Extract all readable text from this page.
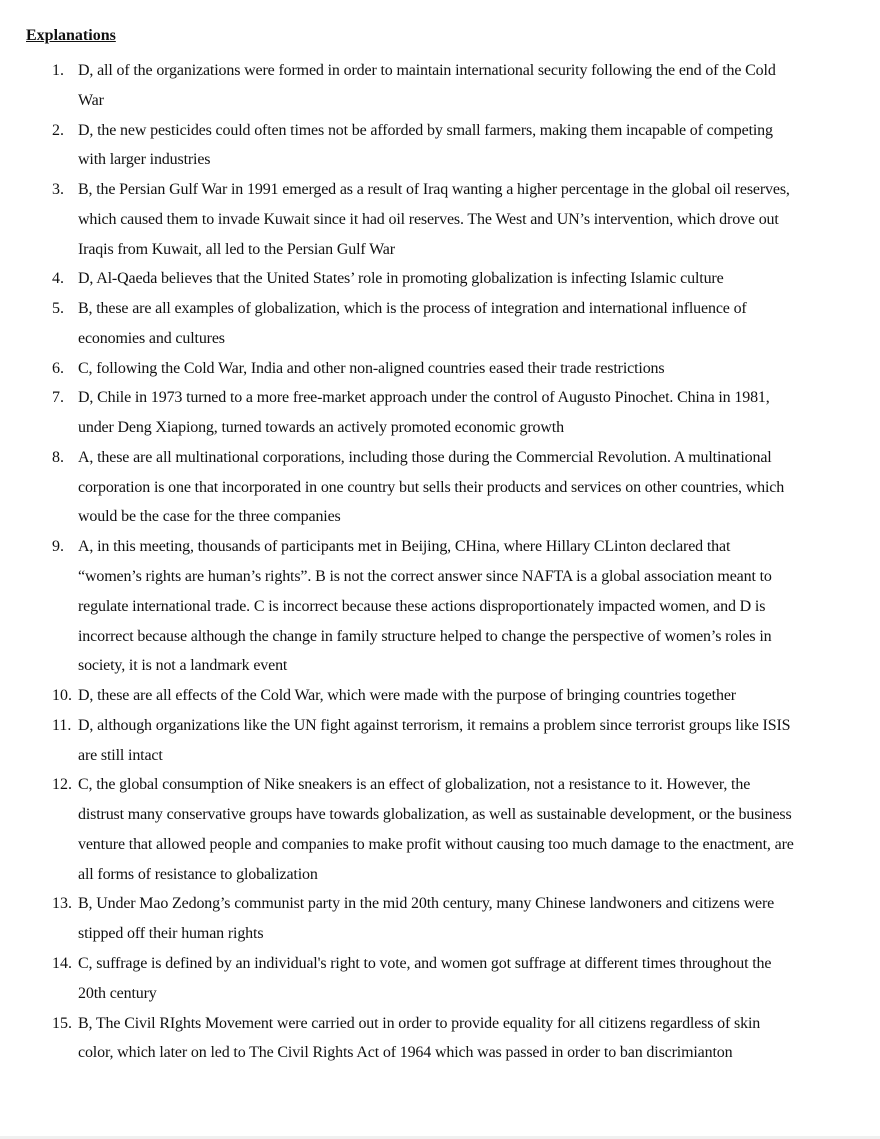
Explanations
1. D, all of the organizations were formed in order to maintain international security following the end of the Cold
War
2. D, the new pesticides could often times not be afforded by small farmers, making them incapable of competing
with larger industries
3. B, the Persian Gulf War in 1991 emerged as a result of Iraq wanting a higher percentage in the global oil reserves,
which caused them to invade Kuwait since it had oil reserves. The West and UN’s intervention, which drove out
Iraqis from Kuwait, all led to the Persian Gulf War
4. D, Al-Qaeda believes that the United States’ role in promoting globalization is infecting Islamic culture
5. B, these are all examples of globalization, which is the process of integration and international influence of
economies and cultures
6. C, following the Cold War, India and other non-aligned countries eased their trade restrictions
7. D, Chile in 1973 turned to a more free-market approach under the control of Augusto Pinochet. China in 1981,
under Deng Xiapiong, turned towards an actively promoted economic growth
8. A, these are all multinational corporations, including those during the Commercial Revolution. A multinational
corporation is one that incorporated in one country but sells their products and services on other countries, which
would be the case for the three companies
9. A, in this meeting, thousands of participants met in Beijing, CHina, where Hillary CLinton declared that
“women’s rights are human’s rights”. B is not the correct answer since NAFTA is a global association meant to
regulate international trade. C is incorrect because these actions disproportionately impacted women, and D is
incorrect because although the change in family structure helped to change the perspective of women’s roles in
society, it is not a landmark event
10. D, these are all effects of the Cold War, which were made with the purpose of bringing countries together
11. D, although organizations like the UN fight against terrorism, it remains a problem since terrorist groups like ISIS
are still intact
12. C, the global consumption of Nike sneakers is an effect of globalization, not a resistance to it. However, the
distrust many conservative groups have towards globalization, as well as sustainable development, or the business
venture that allowed people and companies to make profit without causing too much damage to the enactment, are
all forms of resistance to globalization
13. B, Under Mao Zedong’s communist party in the mid 20th century, many Chinese landwoners and citizens were
stipped off their human rights
14. C, suffrage is defined by an individual's right to vote, and women got suffrage at different times throughout the
20th century
15. B, The Civil RIghts Movement were carried out in order to provide equality for all citizens regardless of skin
color, which later on led to The Civil Rights Act of 1964 which was passed in order to ban discrimianton
